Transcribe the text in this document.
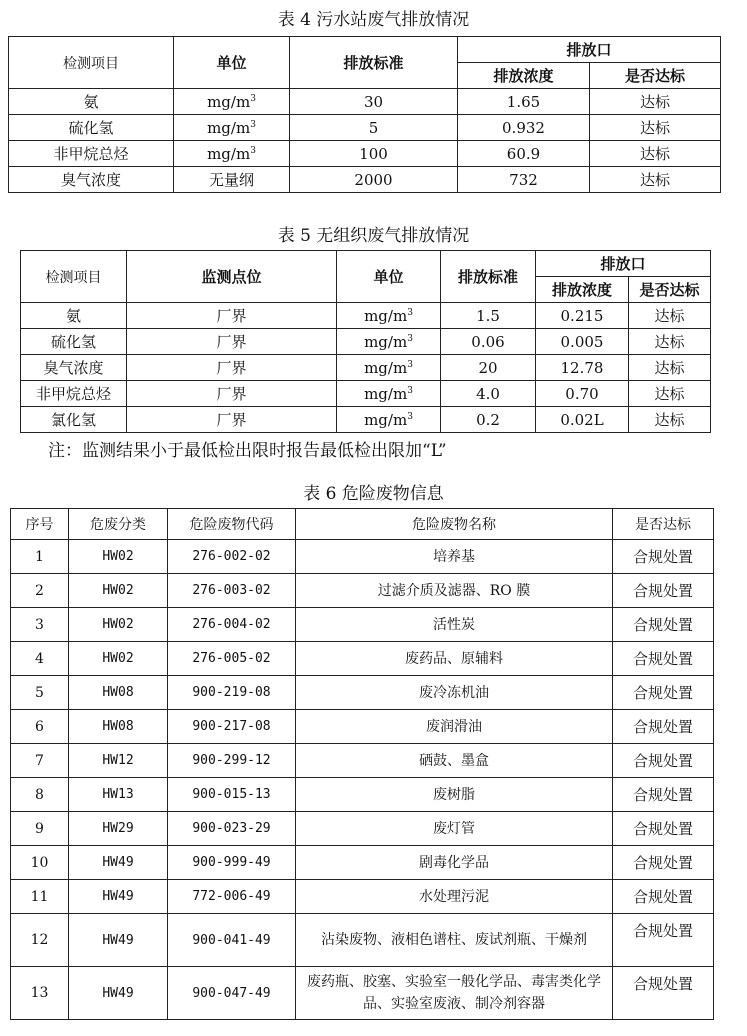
表 4 污水站废气排放情况
检测项目	单位	排放标准	排放口	
			排放浓度	是否达标
氨	$mg/m^3$	30	1.65	达标
硫化氢	$mg/m^3$	5	0.932	达标
非甲烷总烃	$mg/m^3$	100	60.9	达标
臭气浓度	无量纲	2000	732	达标
表 5 无组织废气排放情况
检测项目	监测点位	单位	排放标准	排放口	
				排放浓度	是否达标
氨	厂界	$mg/m^3$	1.5	0.215	达标
硫化氢	厂界	$mg/m^3$	0.06	0.005	达标
臭气浓度	厂界	$mg/m^3$	20	12.78	达标
非甲烷总烃	厂界	$mg/m^3$	4.0	0.70	达标
氯化氢	厂界	$mg/m^3$	0.2	0.02L	达标
注：监测结果小于最低检出限时报告最低检出限加“L”
表 6 危险废物信息
序号	危废分类	危险废物代码	危险废物名称	是否达标
1	HW02	276-002-02	培养基	合规处置
2	HW02	276-003-02	过滤介质及滤器、RO 膜	合规处置
3	HW02	276-004-02	活性炭	合规处置
4	HW02	276-005-02	废药品、原辅料	合规处置
5	HW08	900-219-08	废冷冻机油	合规处置
6	HW08	900-217-08	废润滑油	合规处置
7	HW12	900-299-12	硒鼓、墨盒	合规处置
8	HW13	900-015-13	废树脂	合规处置
9	HW29	900-023-29	废灯管	合规处置
10	HW49	900-999-49	剧毒化学品	合规处置
11	HW49	772-006-49	水处理污泥	合规处置
12	HW49	900-041-49	沾染废物、液相色谱柱、废试剂瓶、干燥剂	合规处置
13	HW49	900-047-49	废药瓶、胶塞、实验室一般化学品、毒害类化学品、实验室废液、制冷剂容器	合规处置
